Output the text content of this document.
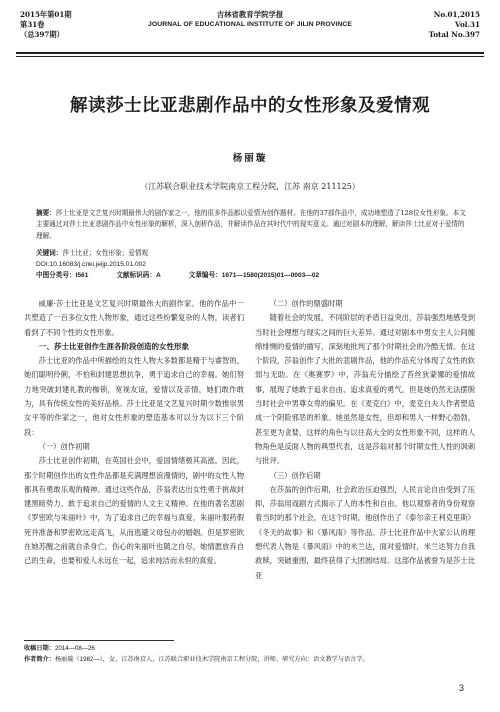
2015年第01期
第31卷
（总397期）
吉林省教育学院学报
JOURNAL OF EDUCATIONAL INSTITUTE OF JILIN PROVINCE
No.01,2015
Vol.31
Total No.397
解读莎士比亚悲剧作品中的女性形象及爱情观
杨丽璇
（江苏联合职业技术学院南京工程分院，江苏 南京 211125）
摘要：莎士比亚是文艺复兴时期最伟大的剧作家之一，他的很多作品都以爱情为创作题材。在他的37部作品中，成功地塑造了128位女性形象。本文主要通过对莎士比亚悲剧作品中女性形象的解析，深入剖析作品，并解读作品在其时代中的现实意义。通过对剧本的理解，解读莎士比亚对于爱情的理解。
关键词：莎士比亚；女性形象；爱情观
DOI:10.16083/j.cnki.jeijp.2015.01.002
中图分类号：I561	文献标识码：A	文章编号：1671—1580(2015)01—0003—02

威廉·莎士比亚是文艺复兴时期最伟大的剧作家。他的作品中一共塑造了一百多位女性人物形象，通过这些纷繁复杂的人物，读者们看到了不同个性的女性形象。

一、莎士比亚创作生涯各阶段创造的女性形象

莎士比亚的作品中所描绘的女性人物大多数都是精于与睿智的，她们聪明伶俐，不怕和封建思想抗争，勇于追求自己的幸福。她们努力地突破封建礼教的枷锁，宽视友谊，爱情以及亲情，她们敢作敢为，具有传统女性的美好品格。莎士比亚是文艺复兴时期少数推崇男女平等的作家之一，他对女性形象的塑造基本可以分为以下三个阶段：

（一）创作初期

莎士比亚创作初期，在英国社会中，爱国情绪极其高涨。因此，那个时期创作出的女性作品都是充满理想浪漫情的，剧中的女性人物都具有勇敢乐观的精神。通过这些作品，莎翁表达出女性勇于挑战封建黑暗势力、敢于追求自己的爱情的人文主义精神。在他的著名悲剧《罗密欧与朱丽叶》中，为了追求自己的幸福与真爱，朱丽叶服药假死并准备和罗密欧远走高飞，从而逃避父母包办的婚姻。但是罗密欧在她苏醒之前就自杀身亡，伤心的朱丽叶也随之自尽，她情愿放弃自己的生命，也要和爱人永远在一起，追求纯洁而永恒的真爱。

（二）创作的鼎盛时期

随着社会的发展，不同阶层的矛盾日益突出，莎翁强烈地感受到当时社会理想与现实之间的巨大差异。通过对剧本中男女主人公间缠绵悱恻的爱情的描写，深刻地批判了那个时期社会的冷酷无情。在这个阶段，莎翁创作了大批的悲剧作品，他的作品充分体现了女性的软弱与无助。在《奥赛罗》中，莎翁充分描绘了苔丝狄蒙娜的爱情故事，展现了她敢于追求自由、追求真爱的勇气，但是她仍然无法摆脱当时社会中男尊女卑的偏见。在《麦克白》中，麦克白夫人作者塑造成一个阴险邪恶的形象。她虽然是女性，但却和男人一样野心勃勃，甚至更为贪婪，这样的角色与以往高大全的女性形象不同，这样的人物角色是反面人物的典型代表，这是莎翁对那个时期女性人性的讽刺与批评。

（三）创作后期

在莎翁的创作后期，社会政治压迫强烈，人民言论自由受到了压抑，莎翁用戏剧方式揭示了人的本性和自由。他以观察者的身份观察着当时的那个社会，在这个时期，他创作出了《泰尔亲王利克里斯》《冬天的故事》和《暴风雨》等作品。莎士比亚作品中大家公认的理想代表人物是《暴风雨》中的米兰达，面对爱情时，米兰达努力自我救赎，突破重围，最终获得了大团圆结局。这部作品被誉为是莎士比亚

收稿日期：2014—08—26
作者简介：杨丽璇（1982—），女，江苏南京人，江苏联合职业技术学院南京工程分院，讲师，研究方向：语文教学与语言学。
3
